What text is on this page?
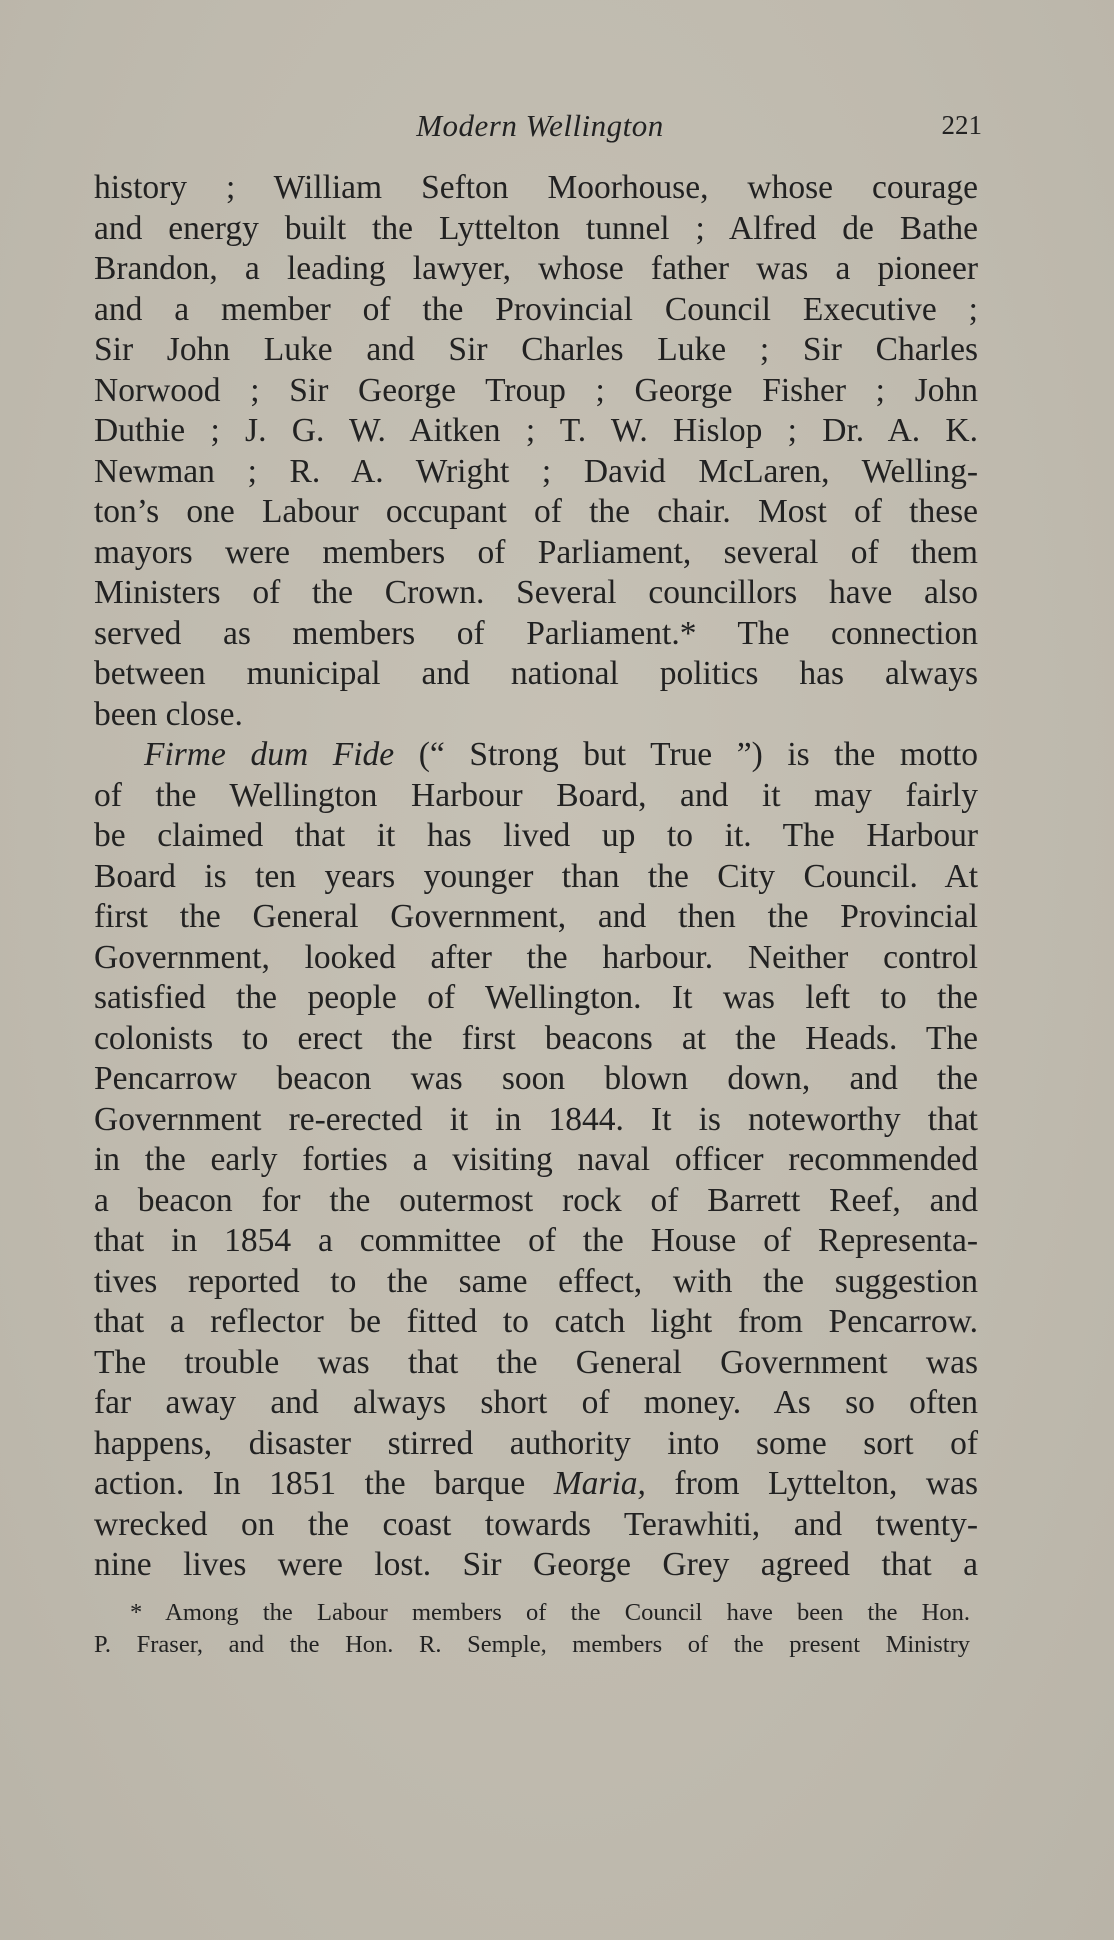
Modern Wellington	221
history ; William Sefton Moorhouse, whose courage
and energy built the Lyttelton tunnel ; Alfred de Bathe
Brandon, a leading lawyer, whose father was a pioneer
and a member of the Provincial Council Executive ;
Sir John Luke and Sir Charles Luke ; Sir Charles
Norwood ; Sir George Troup ; George Fisher ; John
Duthie ; J. G. W. Aitken ; T. W. Hislop ; Dr. A. K.
Newman ; R. A. Wright ; David McLaren, Welling-
ton’s one Labour occupant of the chair. Most of these
mayors were members of Parliament, several of them
Ministers of the Crown. Several councillors have also
served as members of Parliament.* The connection
between municipal and national politics has always
been close.
Firme dum Fide (“ Strong but True ”) is the motto
of the Wellington Harbour Board, and it may fairly
be claimed that it has lived up to it. The Harbour
Board is ten years younger than the City Council. At
first the General Government, and then the Provincial
Government, looked after the harbour. Neither control
satisfied the people of Wellington. It was left to the
colonists to erect the first beacons at the Heads. The
Pencarrow beacon was soon blown down, and the
Government re-erected it in 1844. It is noteworthy that
in the early forties a visiting naval officer recommended
a beacon for the outermost rock of Barrett Reef, and
that in 1854 a committee of the House of Representa-
tives reported to the same effect, with the suggestion
that a reflector be fitted to catch light from Pencarrow.
The trouble was that the General Government was
far away and always short of money. As so often
happens, disaster stirred authority into some sort of
action. In 1851 the barque Maria, from Lyttelton, was
wrecked on the coast towards Terawhiti, and twenty-
nine lives were lost. Sir George Grey agreed that a
* Among the Labour members of the Council have been the Hon.
P. Fraser, and the Hon. R. Semple, members of the present Ministry
